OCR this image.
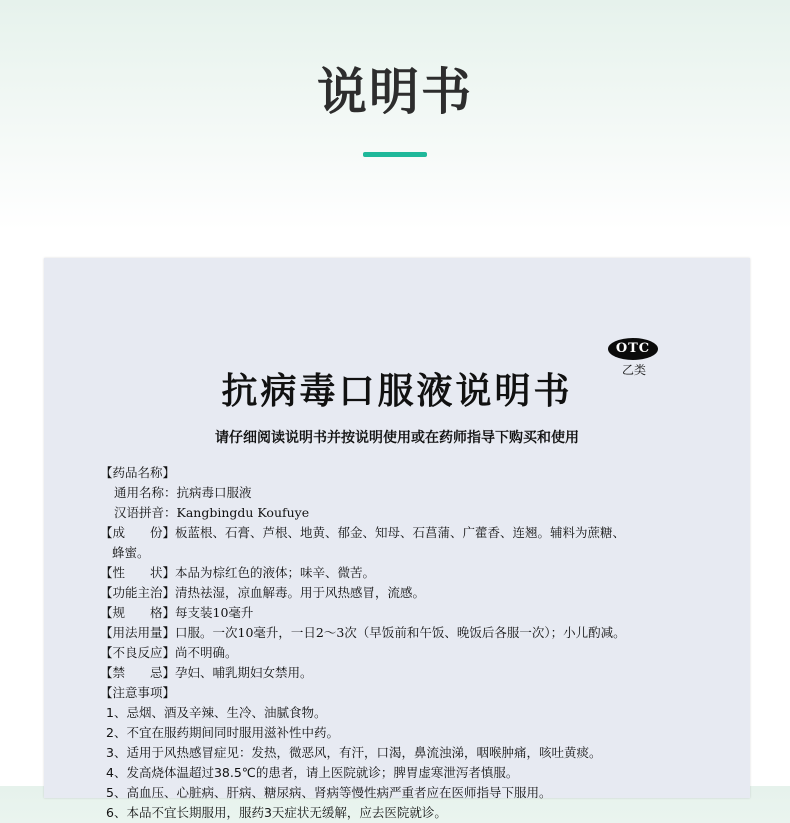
说明书
OTC
乙类
抗病毒口服液说明书
请仔细阅读说明书并按说明使用或在药师指导下购买和使用
【药品名称】
通用名称：抗病毒口服液
汉语拼音：Kangbingdu Koufuye
【成　　份】板蓝根、石膏、芦根、地黄、郁金、知母、石菖蒲、广藿香、连翘。辅料为蔗糖、
蜂蜜。
【性　　状】本品为棕红色的液体；味辛、微苦。
【功能主治】清热祛湿，凉血解毒。用于风热感冒，流感。
【规　　格】每支装10毫升
【用法用量】口服。一次10毫升，一日2～3次（早饭前和午饭、晚饭后各服一次）；小儿酌减。
【不良反应】尚不明确。
【禁　　忌】孕妇、哺乳期妇女禁用。
【注意事项】
1、忌烟、酒及辛辣、生冷、油腻食物。
2、不宜在服药期间同时服用滋补性中药。
3、适用于风热感冒症见：发热，微恶风，有汗，口渴，鼻流浊涕，咽喉肿痛，咳吐黄痰。
4、发高烧体温超过38.5℃的患者，请上医院就诊；脾胃虚寒泄泻者慎服。
5、高血压、心脏病、肝病、糖尿病、肾病等慢性病严重者应在医师指导下服用。
6、本品不宜长期服用，服药3天症状无缓解，应去医院就诊。
